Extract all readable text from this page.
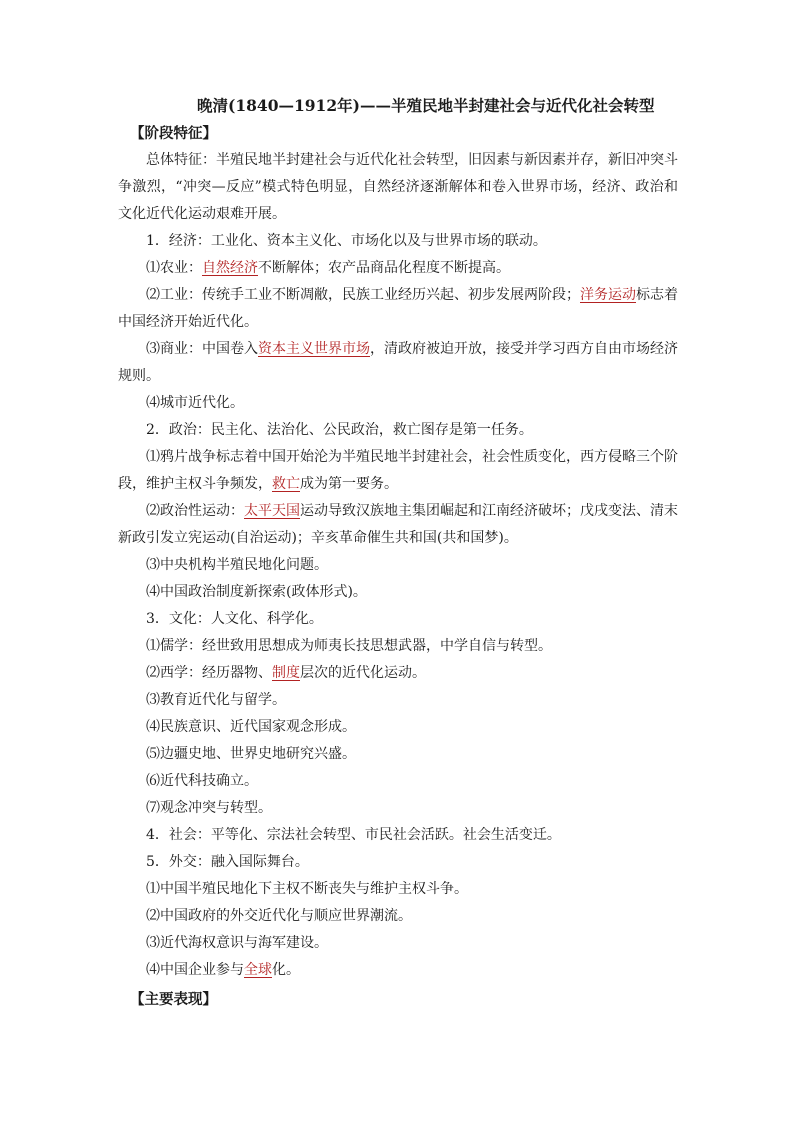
晚清(1840—1912年)——半殖民地半封建社会与近代化社会转型
【阶段特征】

总体特征：半殖民地半封建社会与近代化社会转型，旧因素与新因素并存，新旧冲突斗争激烈，“冲突—反应”模式特色明显，自然经济逐渐解体和卷入世界市场，经济、政治和文化近代化运动艰难开展。

1．经济：工业化、资本主义化、市场化以及与世界市场的联动。
⑴农业：自然经济不断解体；农产品商品化程度不断提高。

⑵工业：传统手工业不断凋敝，民族工业经历兴起、初步发展两阶段；洋务运动标志着中国经济开始近代化。

⑶商业：中国卷入资本主义世界市场，清政府被迫开放，接受并学习西方自由市场经济规则。

⑷城市近代化。
2．政治：民主化、法治化、公民政治，救亡图存是第一任务。

⑴鸦片战争标志着中国开始沦为半殖民地半封建社会，社会性质变化，西方侵略三个阶段，维护主权斗争频发，救亡成为第一要务。

⑵政治性运动：太平天国运动导致汉族地主集团崛起和江南经济破坏；戊戌变法、清末新政引发立宪运动(自治运动)；辛亥革命催生共和国(共和国梦)。

⑶中央机构半殖民地化问题。
⑷中国政治制度新探索(政体形式)。
3．文化：人文化、科学化。
⑴儒学：经世致用思想成为师夷长技思想武器，中学自信与转型。
⑵西学：经历器物、制度层次的近代化运动。
⑶教育近代化与留学。
⑷民族意识、近代国家观念形成。
⑸边疆史地、世界史地研究兴盛。
⑹近代科技确立。
⑺观念冲突与转型。
4．社会：平等化、宗法社会转型、市民社会活跃。社会生活变迁。
5．外交：融入国际舞台。
⑴中国半殖民地化下主权不断丧失与维护主权斗争。
⑵中国政府的外交近代化与顺应世界潮流。
⑶近代海权意识与海军建设。
⑷中国企业参与全球化。
【主要表现】
